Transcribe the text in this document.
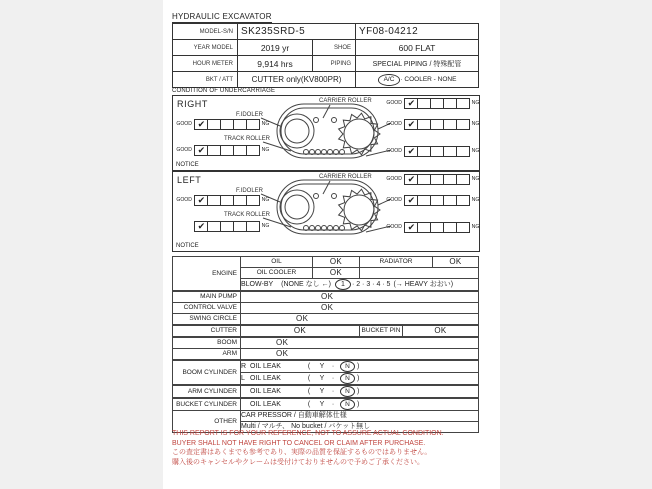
HYDRAULIC EXCAVATOR
MODEL-S/N	SK235SRD-5		YF08-04212
YEAR MODEL	2019 yr	SHOE	600 FLAT
HOUR METER	9,914 hrs	PIPING	SPECIAL PIPING / 特殊配管
BKT / ATT	CUTTER only(KV800PR)		A/C · COOLER - NONE
CONDITION OF UNDERCARRIAGE
RIGHT	CARRIER ROLLER
F.IDOLER
TRACK ROLLER
GOOD ✔	NG
GOOD ✔	NG	GOOD ✔	NG
GOOD ✔	NG	GOOD ✔	NG
NOTICE
LEFT	CARRIER ROLLER
F.IDOLER
TRACK ROLLER
GOOD ✔	NG
GOOD ✔	NG	GOOD ✔	NG
✔	NG	GOOD ✔	NG
NOTICE
ENGINE	OIL	OK	RADIATOR		OK
	OIL COOLER	OK			
	BLOW-BY (NONE なし ←) 1 · 2 · 3 · 4 · 5 (→ HEAVY おおい)				
MAIN PUMP	OK				
CONTROL VALVE	OK				
SWING CIRCLE	OK				
CUTTER	OK		BUCKET PIN	OK	
BOOM	OK				
ARM	OK				
BOOM CYLINDER	R OIL LEAK ( Y · N )				
	L OIL LEAK ( Y · N )				
ARM CYLINDER	OIL LEAK ( Y · N )				
BUCKET CYLINDER	OIL LEAK ( Y · N )				
OTHER	CAR PRESSOR / 自動車解体仕様				
	Multi / マルチ、 No bucket / バケット無し				
THIS REPORT IS FOR YOUR REFERENCE, NOT TO ASSURE ACTUAL CONDITION.
BUYER SHALL NOT HAVE RIGHT TO CANCEL OR CLAIM AFTER PURCHASE.
この査定書はあくまでも参考であり、実際の品質を保証するものではありません。
購入後のキャンセルやクレームは受付けておりませんので予めご了承ください。
